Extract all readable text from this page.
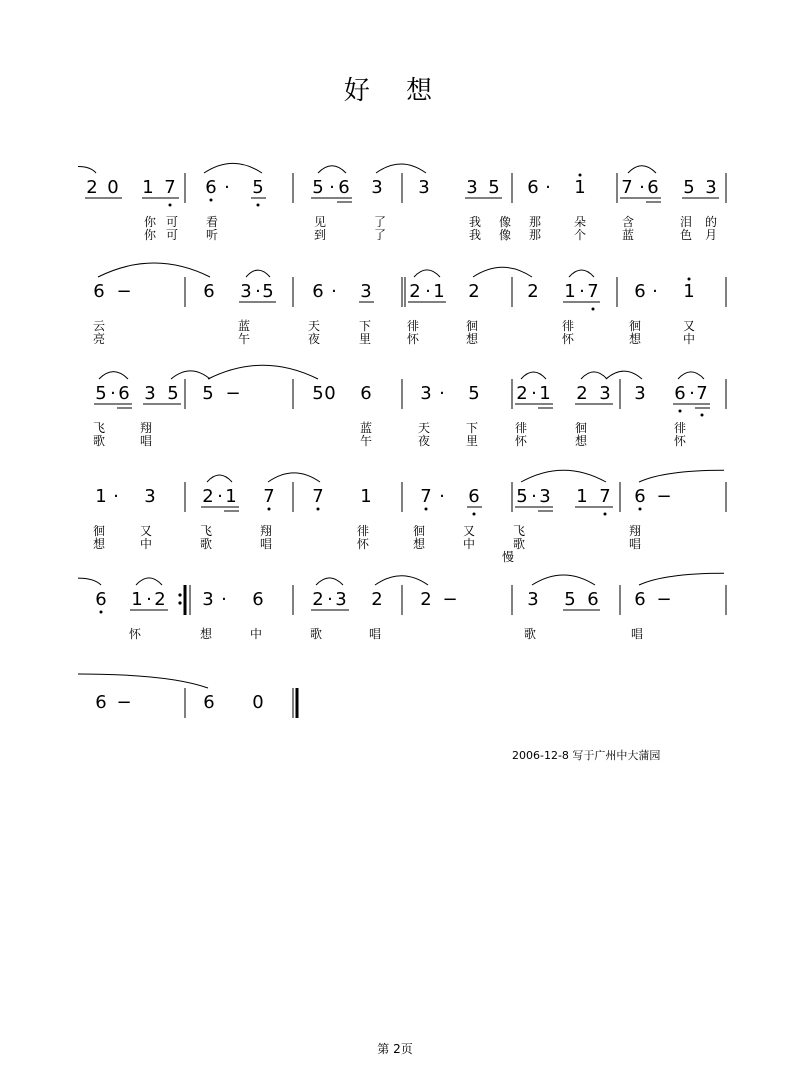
好 想
2 0 1 7 6 · 5	5 · 6 3 3 3 5 6 · 1 7 · 6 5 3
你 可 看	见	了	我 像 那	朵	含	泪 的
你 可 听	到	了	我 像 那	个	蓝	色 月
6 −	6 3 · 5 6 · 3 2 · 1 2	2 1 · 7 6 · 1
云	蓝	天	下	徘	徊	徘	徊	又
亮	午	夜	里	怀	想	怀	想	中
5 · 6 3 5 5 −	5 0 6	3 · 5 2 · 1 2 3 3 6 · 7
飞	翔	蓝	天	下	徘	徊	徘
歌	唱	午	夜	里	怀	想	怀
1 · 3	2 · 1 7 7 1	7 · 6 5 · 3 1 7 6 −
徊	又	飞	翔	徘	徊	又	飞	翔
想	中	歌	唱	怀	想	中	歌	唱
慢
6 1 · 2 3 · 6	2 · 3 2 2 −	3 5 6 6 −
怀	想	中	歌	唱	歌	唱
6 −	6 0
2006-12-8 写于广州中大蒲园
第 2页
